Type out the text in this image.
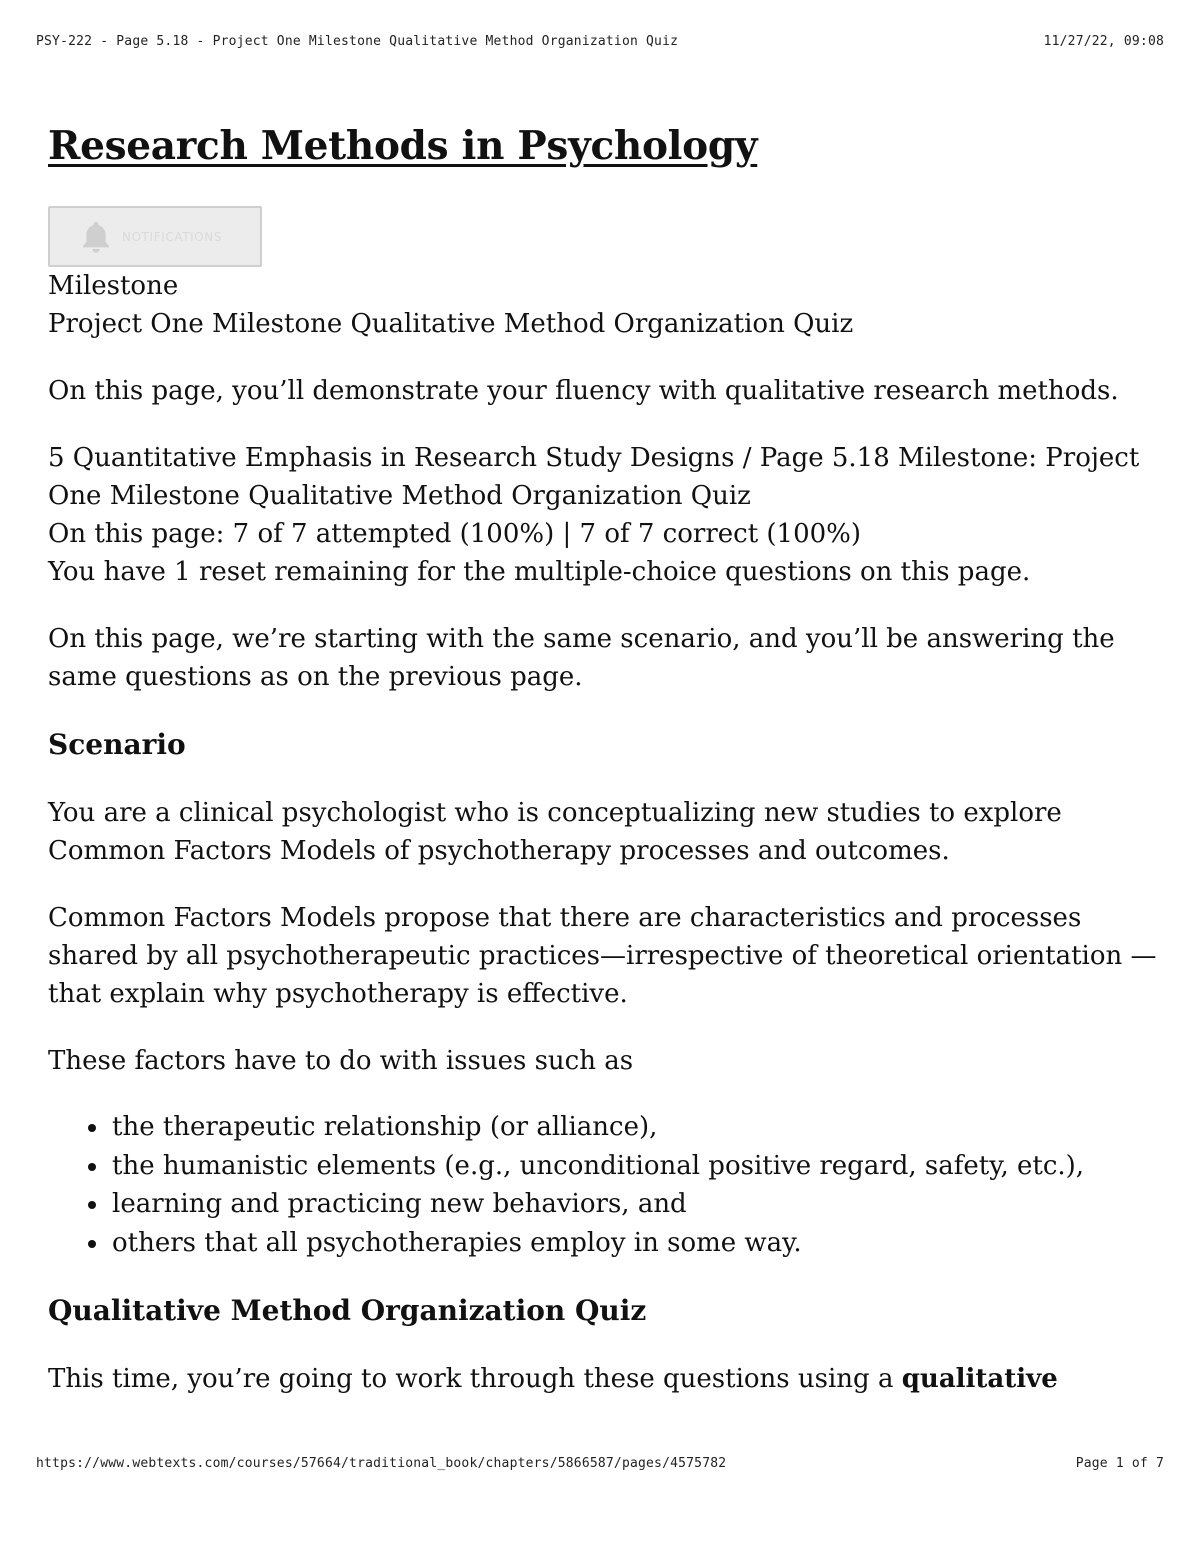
PSY-222 - Page 5.18 - Project One Milestone Qualitative Method Organization Quiz	11/27/22, 09:08
Research Methods in Psychology
NOTIFICATIONS

Milestone

Project One Milestone Qualitative Method Organization Quiz

On this page, you’ll demonstrate your fluency with qualitative research methods.

5 Quantitative Emphasis in Research Study Designs / Page 5.18 Milestone: Project One Milestone Qualitative Method Organization Quiz

On this page: 7 of 7 attempted (100%) | 7 of 7 correct (100%)

You have 1 reset remaining for the multiple-choice questions on this page.

On this page, we’re starting with the same scenario, and you’ll be answering the same questions as on the previous page.

Scenario

You are a clinical psychologist who is conceptualizing new studies to explore Common Factors Models of psychotherapy processes and outcomes.

Common Factors Models propose that there are characteristics and processes shared by all psychotherapeutic practices—irrespective of theoretical orientation —that explain why psychotherapy is effective.

These factors have to do with issues such as

• the therapeutic relationship (or alliance),
• the humanistic elements (e.g., unconditional positive regard, safety, etc.),
• learning and practicing new behaviors, and
• others that all psychotherapies employ in some way.
Qualitative Method Organization Quiz

This time, you’re going to work through these questions using a qualitative

https://www.webtexts.com/courses/57664/traditional_book/chapters/5866587/pages/4575782	Page 1 of 7
